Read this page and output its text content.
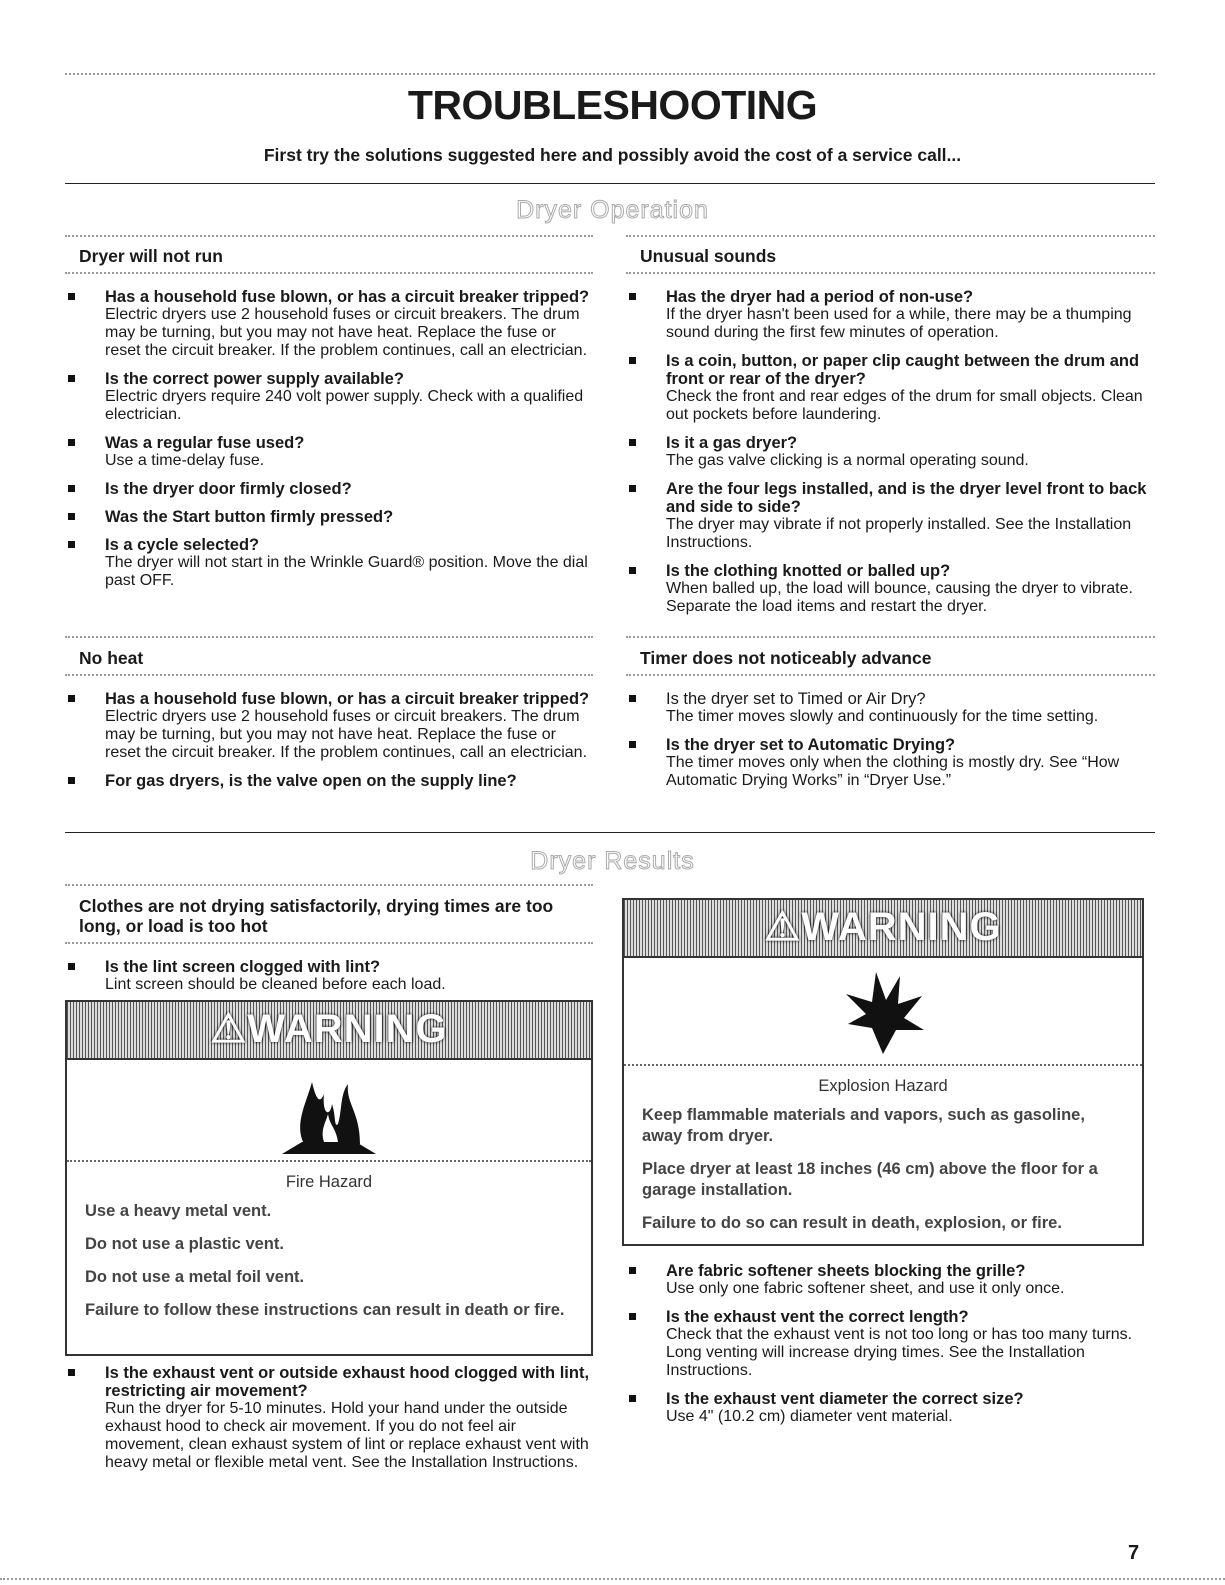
TROUBLESHOOTING
First try the solutions suggested here and possibly avoid the cost of a service call...
Dryer Operation
Dryer will not run
Has a household fuse blown, or has a circuit breaker tripped?
Electric dryers use 2 household fuses or circuit breakers. The drum may be turning, but you may not have heat. Replace the fuse or reset the circuit breaker. If the problem continues, call an electrician.
Is the correct power supply available?
Electric dryers require 240 volt power supply. Check with a qualified electrician.
Was a regular fuse used?
Use a time-delay fuse.
Is the dryer door firmly closed?
Was the Start button firmly pressed?
Is a cycle selected?
The dryer will not start in the Wrinkle Guard® position. Move the dial past OFF.
No heat
Has a household fuse blown, or has a circuit breaker tripped?
Electric dryers use 2 household fuses or circuit breakers. The drum may be turning, but you may not have heat. Replace the fuse or reset the circuit breaker. If the problem continues, call an electrician.
For gas dryers, is the valve open on the supply line?
Unusual sounds
Has the dryer had a period of non-use?
If the dryer hasn't been used for a while, there may be a thumping sound during the first few minutes of operation.
Is a coin, button, or paper clip caught between the drum and front or rear of the dryer?
Check the front and rear edges of the drum for small objects. Clean out pockets before laundering.
Is it a gas dryer?
The gas valve clicking is a normal operating sound.
Are the four legs installed, and is the dryer level front to back and side to side?
The dryer may vibrate if not properly installed. See the Installation Instructions.
Is the clothing knotted or balled up?
When balled up, the load will bounce, causing the dryer to vibrate. Separate the load items and restart the dryer.
Timer does not noticeably advance
Is the dryer set to Timed or Air Dry?
The timer moves slowly and continuously for the time setting.
Is the dryer set to Automatic Drying?
The timer moves only when the clothing is mostly dry. See “How Automatic Drying Works” in “Dryer Use.”
Dryer Results
Clothes are not drying satisfactorily, drying times are too long, or load is too hot
Is the lint screen clogged with lint?
Lint screen should be cleaned before each load.
⚠WARNING
Fire Hazard

Use a heavy metal vent.

Do not use a plastic vent.

Do not use a metal foil vent.

Failure to follow these instructions can result in death or fire.

Is the exhaust vent or outside exhaust hood clogged with lint, restricting air movement?
Run the dryer for 5-10 minutes. Hold your hand under the outside exhaust hood to check air movement. If you do not feel air movement, clean exhaust system of lint or replace exhaust vent with heavy metal or flexible metal vent. See the Installation Instructions.
⚠WARNING
Explosion Hazard

Keep flammable materials and vapors, such as gasoline, away from dryer.

Place dryer at least 18 inches (46 cm) above the floor for a garage installation.

Failure to do so can result in death, explosion, or fire.

Are fabric softener sheets blocking the grille?
Use only one fabric softener sheet, and use it only once.
Is the exhaust vent the correct length?
Check that the exhaust vent is not too long or has too many turns. Long venting will increase drying times. See the Installation Instructions.
Is the exhaust vent diameter the correct size?
Use 4" (10.2 cm) diameter vent material.
7
